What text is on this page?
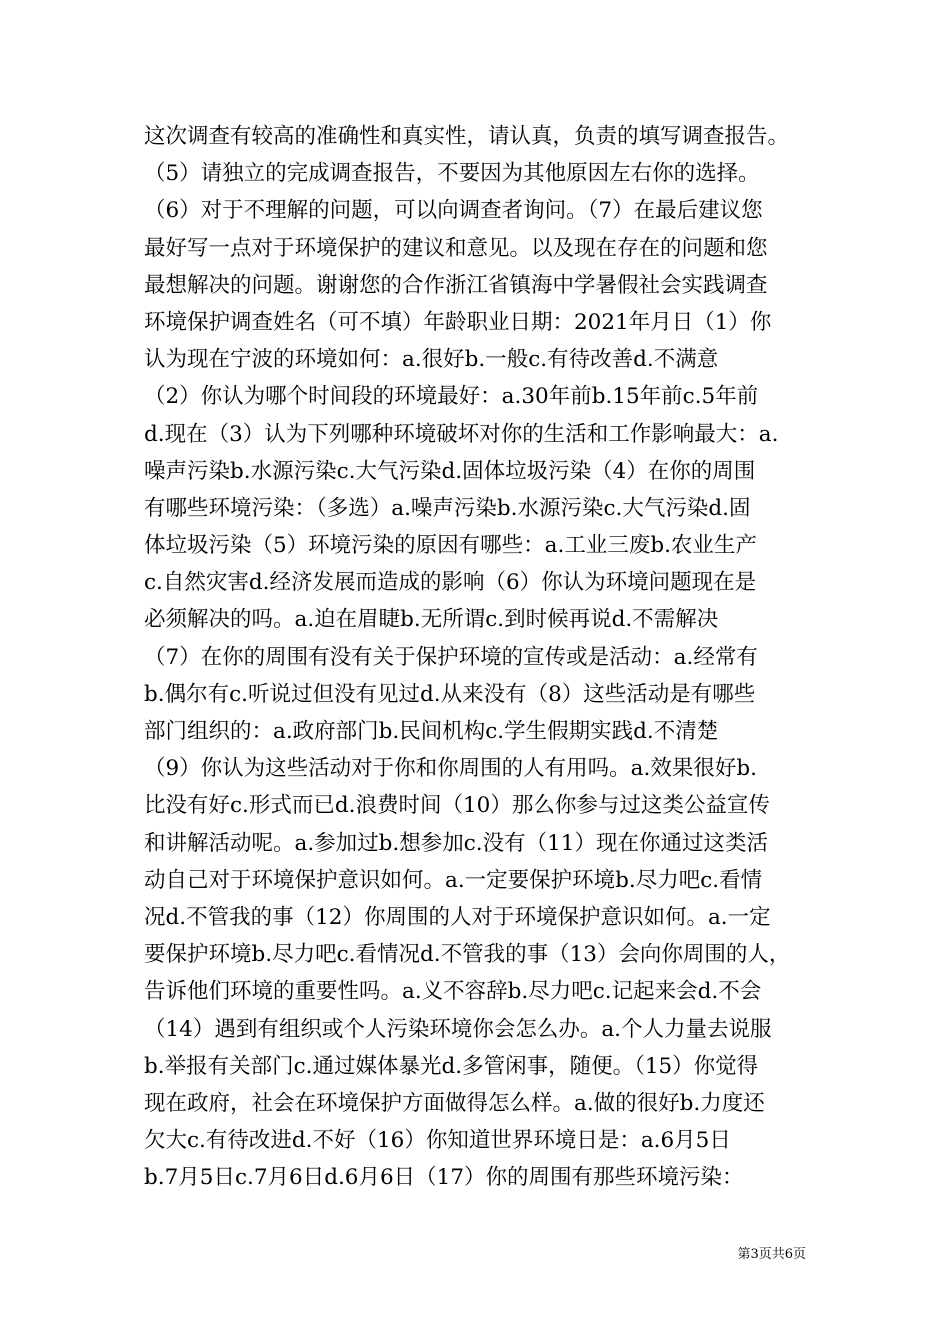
这次调查有较高的准确性和真实性，请认真，负责的填写调查报告。
（5）请独立的完成调查报告，不要因为其他原因左右你的选择。
（6）对于不理解的问题，可以向调查者询问。（7）在最后建议您
最好写一点对于环境保护的建议和意见。以及现在存在的问题和您
最想解决的问题。谢谢您的合作浙江省镇海中学暑假社会实践调查
环境保护调查姓名（可不填）年龄职业日期：2021年月日（1）你
认为现在宁波的环境如何：a.很好b.一般c.有待改善d.不满意
（2）你认为哪个时间段的环境最好：a.30年前b.15年前c.5年前
d.现在（3）认为下列哪种环境破坏对你的生活和工作影响最大：a.
噪声污染b.水源污染c.大气污染d.固体垃圾污染（4）在你的周围
有哪些环境污染：（多选）a.噪声污染b.水源污染c.大气污染d.固
体垃圾污染（5）环境污染的原因有哪些：a.工业三废b.农业生产
c.自然灾害d.经济发展而造成的影响（6）你认为环境问题现在是
必须解决的吗。a.迫在眉睫b.无所谓c.到时候再说d.不需解决
（7）在你的周围有没有关于保护环境的宣传或是活动：a.经常有
b.偶尔有c.听说过但没有见过d.从来没有（8）这些活动是有哪些
部门组织的：a.政府部门b.民间机构c.学生假期实践d.不清楚
（9）你认为这些活动对于你和你周围的人有用吗。a.效果很好b.
比没有好c.形式而已d.浪费时间（10）那么你参与过这类公益宣传
和讲解活动呢。a.参加过b.想参加c.没有（11）现在你通过这类活
动自己对于环境保护意识如何。a.一定要保护环境b.尽力吧c.看情
况d.不管我的事（12）你周围的人对于环境保护意识如何。a.一定
要保护环境b.尽力吧c.看情况d.不管我的事（13）会向你周围的人，
告诉他们环境的重要性吗。a.义不容辞b.尽力吧c.记起来会d.不会
（14）遇到有组织或个人污染环境你会怎么办。a.个人力量去说服
b.举报有关部门c.通过媒体暴光d.多管闲事，随便。（15）你觉得
现在政府，社会在环境保护方面做得怎么样。a.做的很好b.力度还
欠大c.有待改进d.不好（16）你知道世界环境日是：a.6月5日
b.7月5日c.7月6日d.6月6日（17）你的周围有那些环境污染：
第3页共6页
